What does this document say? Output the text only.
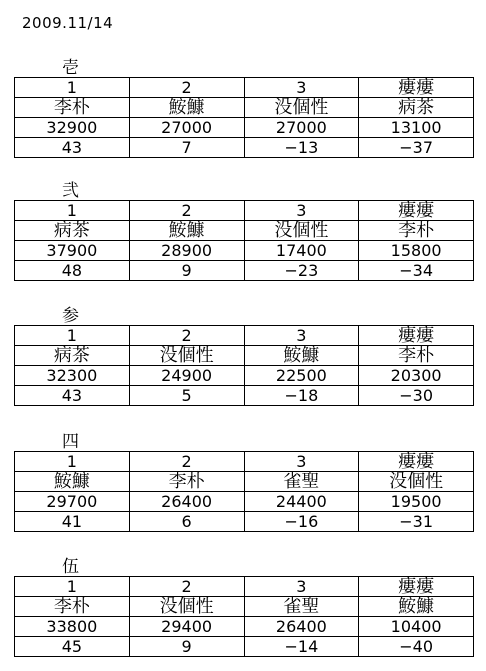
2009.11/14
壱
1	2	3	瘻瘻
李朴	鮟鱇	没個性	病茶
32900	27000	27000	13100
43	7	−13	−37
弐
1	2	3	瘻瘻
病茶	鮟鱇	没個性	李朴
37900	28900	17400	15800
48	9	−23	−34
参
1	2	3	瘻瘻
病茶	没個性	鮟鱇	李朴
32300	24900	22500	20300
43	5	−18	−30
四
1	2	3	瘻瘻
鮟鱇	李朴	雀聖	没個性
29700	26400	24400	19500
41	6	−16	−31
伍
1	2	3	瘻瘻
李朴	没個性	雀聖	鮟鱇
33800	29400	26400	10400
45	9	−14	−40
